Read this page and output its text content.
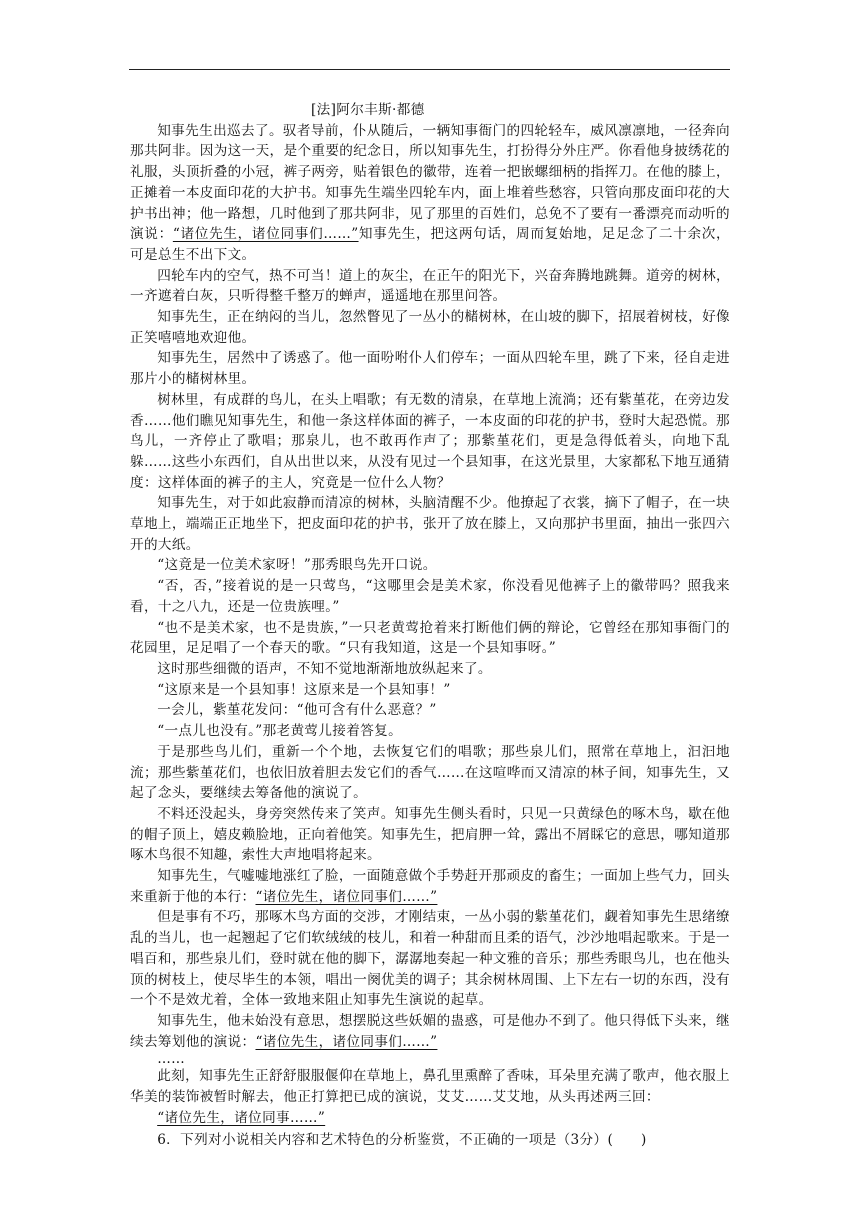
[法]阿尔丰斯·都德

知事先生出巡去了。驭者导前，仆从随后，一辆知事衙门的四轮轻车，威风凛凛地，一径奔向那共阿非。因为这一天，是个重要的纪念日，所以知事先生，打扮得分外庄严。你看他身披绣花的礼服，头顶折叠的小冠，裤子两旁，贴着银色的徽带，连着一把嵌螺细柄的指挥刀。在他的膝上，正摊着一本皮面印花的大护书。知事先生端坐四轮车内，面上堆着些愁容，只管向那皮面印花的大护书出神；他一路想，几时他到了那共阿非，见了那里的百姓们，总免不了要有一番漂亮而动听的演说：“诸位先生，诸位同事们……”知事先生，把这两句话，周而复始地，足足念了二十余次，可是总生不出下文。

四轮车内的空气，热不可当！道上的灰尘，在正午的阳光下，兴奋奔腾地跳舞。道旁的树林，一齐遮着白灰，只听得整千整万的蝉声，遥遥地在那里问答。

知事先生，正在纳闷的当儿，忽然瞥见了一丛小的槠树林，在山坡的脚下，招展着树枝，好像正笑嘻嘻地欢迎他。

知事先生，居然中了诱惑了。他一面吩咐仆人们停车；一面从四轮车里，跳了下来，径自走进那片小的槠树林里。

树林里，有成群的鸟儿，在头上唱歌；有无数的清泉，在草地上流淌；还有紫堇花，在旁边发香……他们瞧见知事先生，和他一条这样体面的裤子，一本皮面的印花的护书，登时大起恐慌。那鸟儿，一齐停止了歌唱；那泉儿，也不敢再作声了；那紫堇花们，更是急得低着头，向地下乱躲……这些小东西们，自从出世以来，从没有见过一个县知事，在这光景里，大家都私下地互通猜度：这样体面的裤子的主人，究竟是一位什么人物？

知事先生，对于如此寂静而清凉的树林，头脑清醒不少。他撩起了衣裳，摘下了帽子，在一块草地上，端端正正地坐下，把皮面印花的护书，张开了放在膝上，又向那护书里面，抽出一张四六开的大纸。

“这竟是一位美术家呀！”那秀眼鸟先开口说。

“否，否，”接着说的是一只莺鸟，“这哪里会是美术家，你没看见他裤子上的徽带吗？照我来看，十之八九，还是一位贵族哩。”

“也不是美术家，也不是贵族，”一只老黄莺抢着来打断他们俩的辩论，它曾经在那知事衙门的花园里，足足唱了一个春天的歌。“只有我知道，这是一个县知事呀。”

这时那些细微的语声，不知不觉地渐渐地放纵起来了。

“这原来是一个县知事！这原来是一个县知事！”

一会儿，紫堇花发问：“他可含有什么恶意？”

“一点儿也没有。”那老黄莺儿接着答复。

于是那些鸟儿们，重新一个个地，去恢复它们的唱歌；那些泉儿们，照常在草地上，汩汩地流；那些紫堇花们，也依旧放着胆去发它们的香气……在这喧哗而又清凉的林子间，知事先生，又起了念头，要继续去筹备他的演说了。

不料还没起头，身旁突然传来了笑声。知事先生侧头看时，只见一只黄绿色的啄木鸟，歇在他的帽子顶上，嬉皮赖脸地，正向着他笑。知事先生，把肩胛一耸，露出不屑睬它的意思，哪知道那啄木鸟很不知趣，索性大声地唱将起来。

知事先生，气嘘嘘地涨红了脸，一面随意做个手势赶开那顽皮的畜生；一面加上些气力，回头来重新于他的本行：“诸位先生，诸位同事们……”

但是事有不巧，那啄木鸟方面的交涉，才刚结束，一丛小弱的紫堇花们，觑着知事先生思绪缭乱的当儿，也一起翘起了它们软绒绒的枝儿，和着一种甜而且柔的语气，沙沙地唱起歌来。于是一唱百和，那些泉儿们，登时就在他的脚下，潺潺地奏起一种文雅的音乐；那些秀眼鸟儿，也在他头顶的树枝上，使尽毕生的本领，唱出一阕优美的调子；其余树林周围、上下左右一切的东西，没有一个不是效尤着，全体一致地来阻止知事先生演说的起草。

知事先生，他未始没有意思，想摆脱这些妖媚的蛊惑，可是他办不到了。他只得低下头来，继续去筹划他的演说：“诸位先生，诸位同事们……”

……

此刻，知事先生正舒舒服服偃仰在草地上，鼻孔里熏醉了香味，耳朵里充满了歌声，他衣服上华美的装饰被暂时解去，他正打算把已成的演说，艾艾……艾艾地，从头再述两三回：

“诸位先生，诸位同事……”

6．下列对小说相关内容和艺术特色的分析鉴赏，不正确的一项是（3分）(　　)
